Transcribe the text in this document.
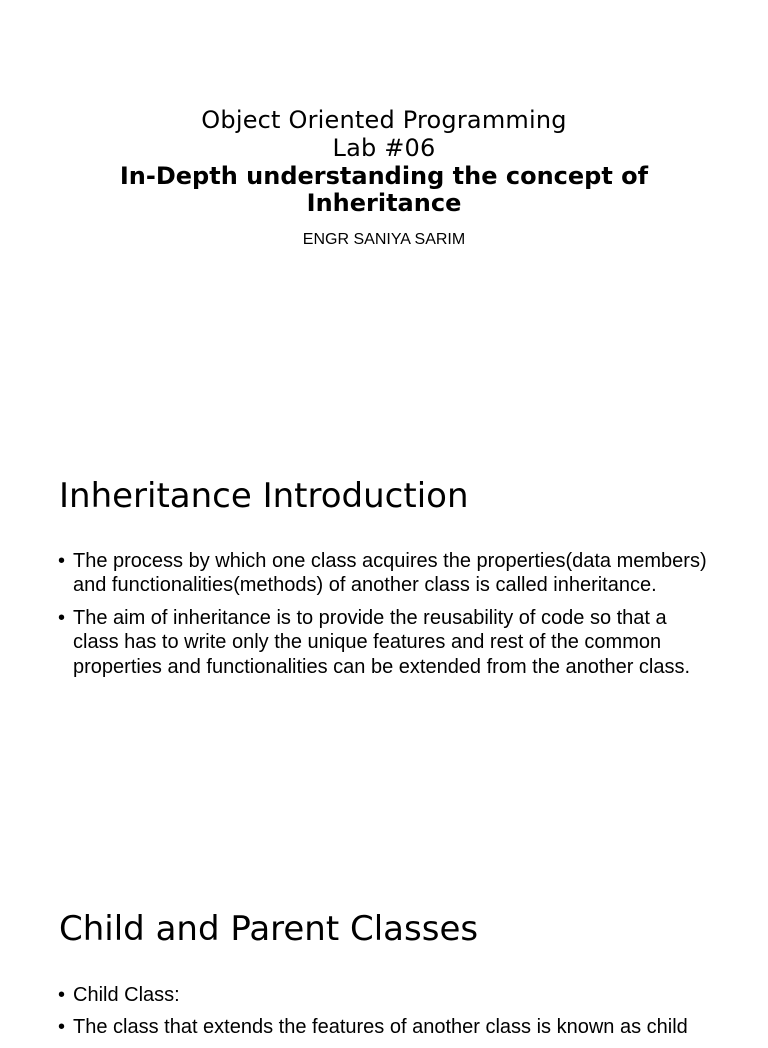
Object Oriented Programming
Lab #06
In-Depth understanding the concept of Inheritance
ENGR SANIYA SARIM
Inheritance Introduction
• The process by which one class acquires the properties(data members) and functionalities(methods) of another class is called inheritance.
• The aim of inheritance is to provide the reusability of code so that a class has to write only the unique features and rest of the common properties and functionalities can be extended from the another class.
Child and Parent Classes
• Child Class:
• The class that extends the features of another class is known as child
